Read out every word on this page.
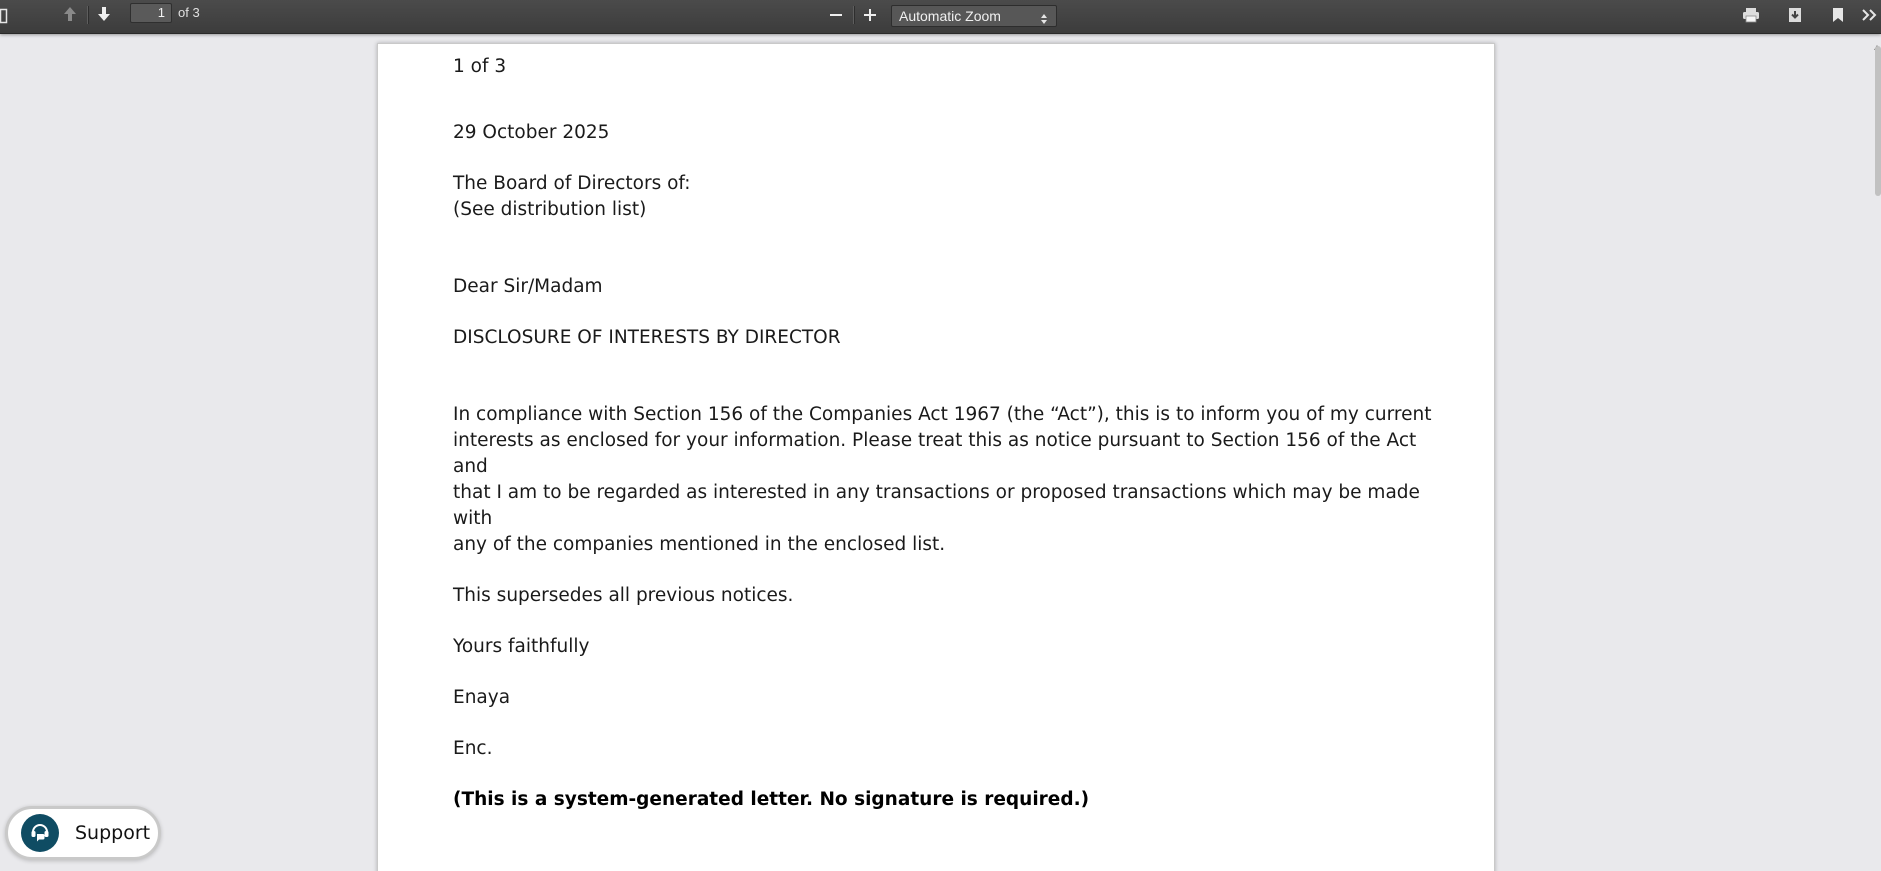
1	of 3	Automatic Zoom

1 of 3

29 October 2025

The Board of Directors of:

(See distribution list)

Dear Sir/Madam

DISCLOSURE OF INTERESTS BY DIRECTOR

In compliance with Section 156 of the Companies Act 1967 (the “Act”), this is to inform you of my current

interests as enclosed for your information. Please treat this as notice pursuant to Section 156 of the Act and

that I am to be regarded as interested in any transactions or proposed transactions which may be made with

any of the companies mentioned in the enclosed list.

This supersedes all previous notices.

Yours faithfully

Enaya

Enc.

(This is a system-generated letter. No signature is required.)

Support
